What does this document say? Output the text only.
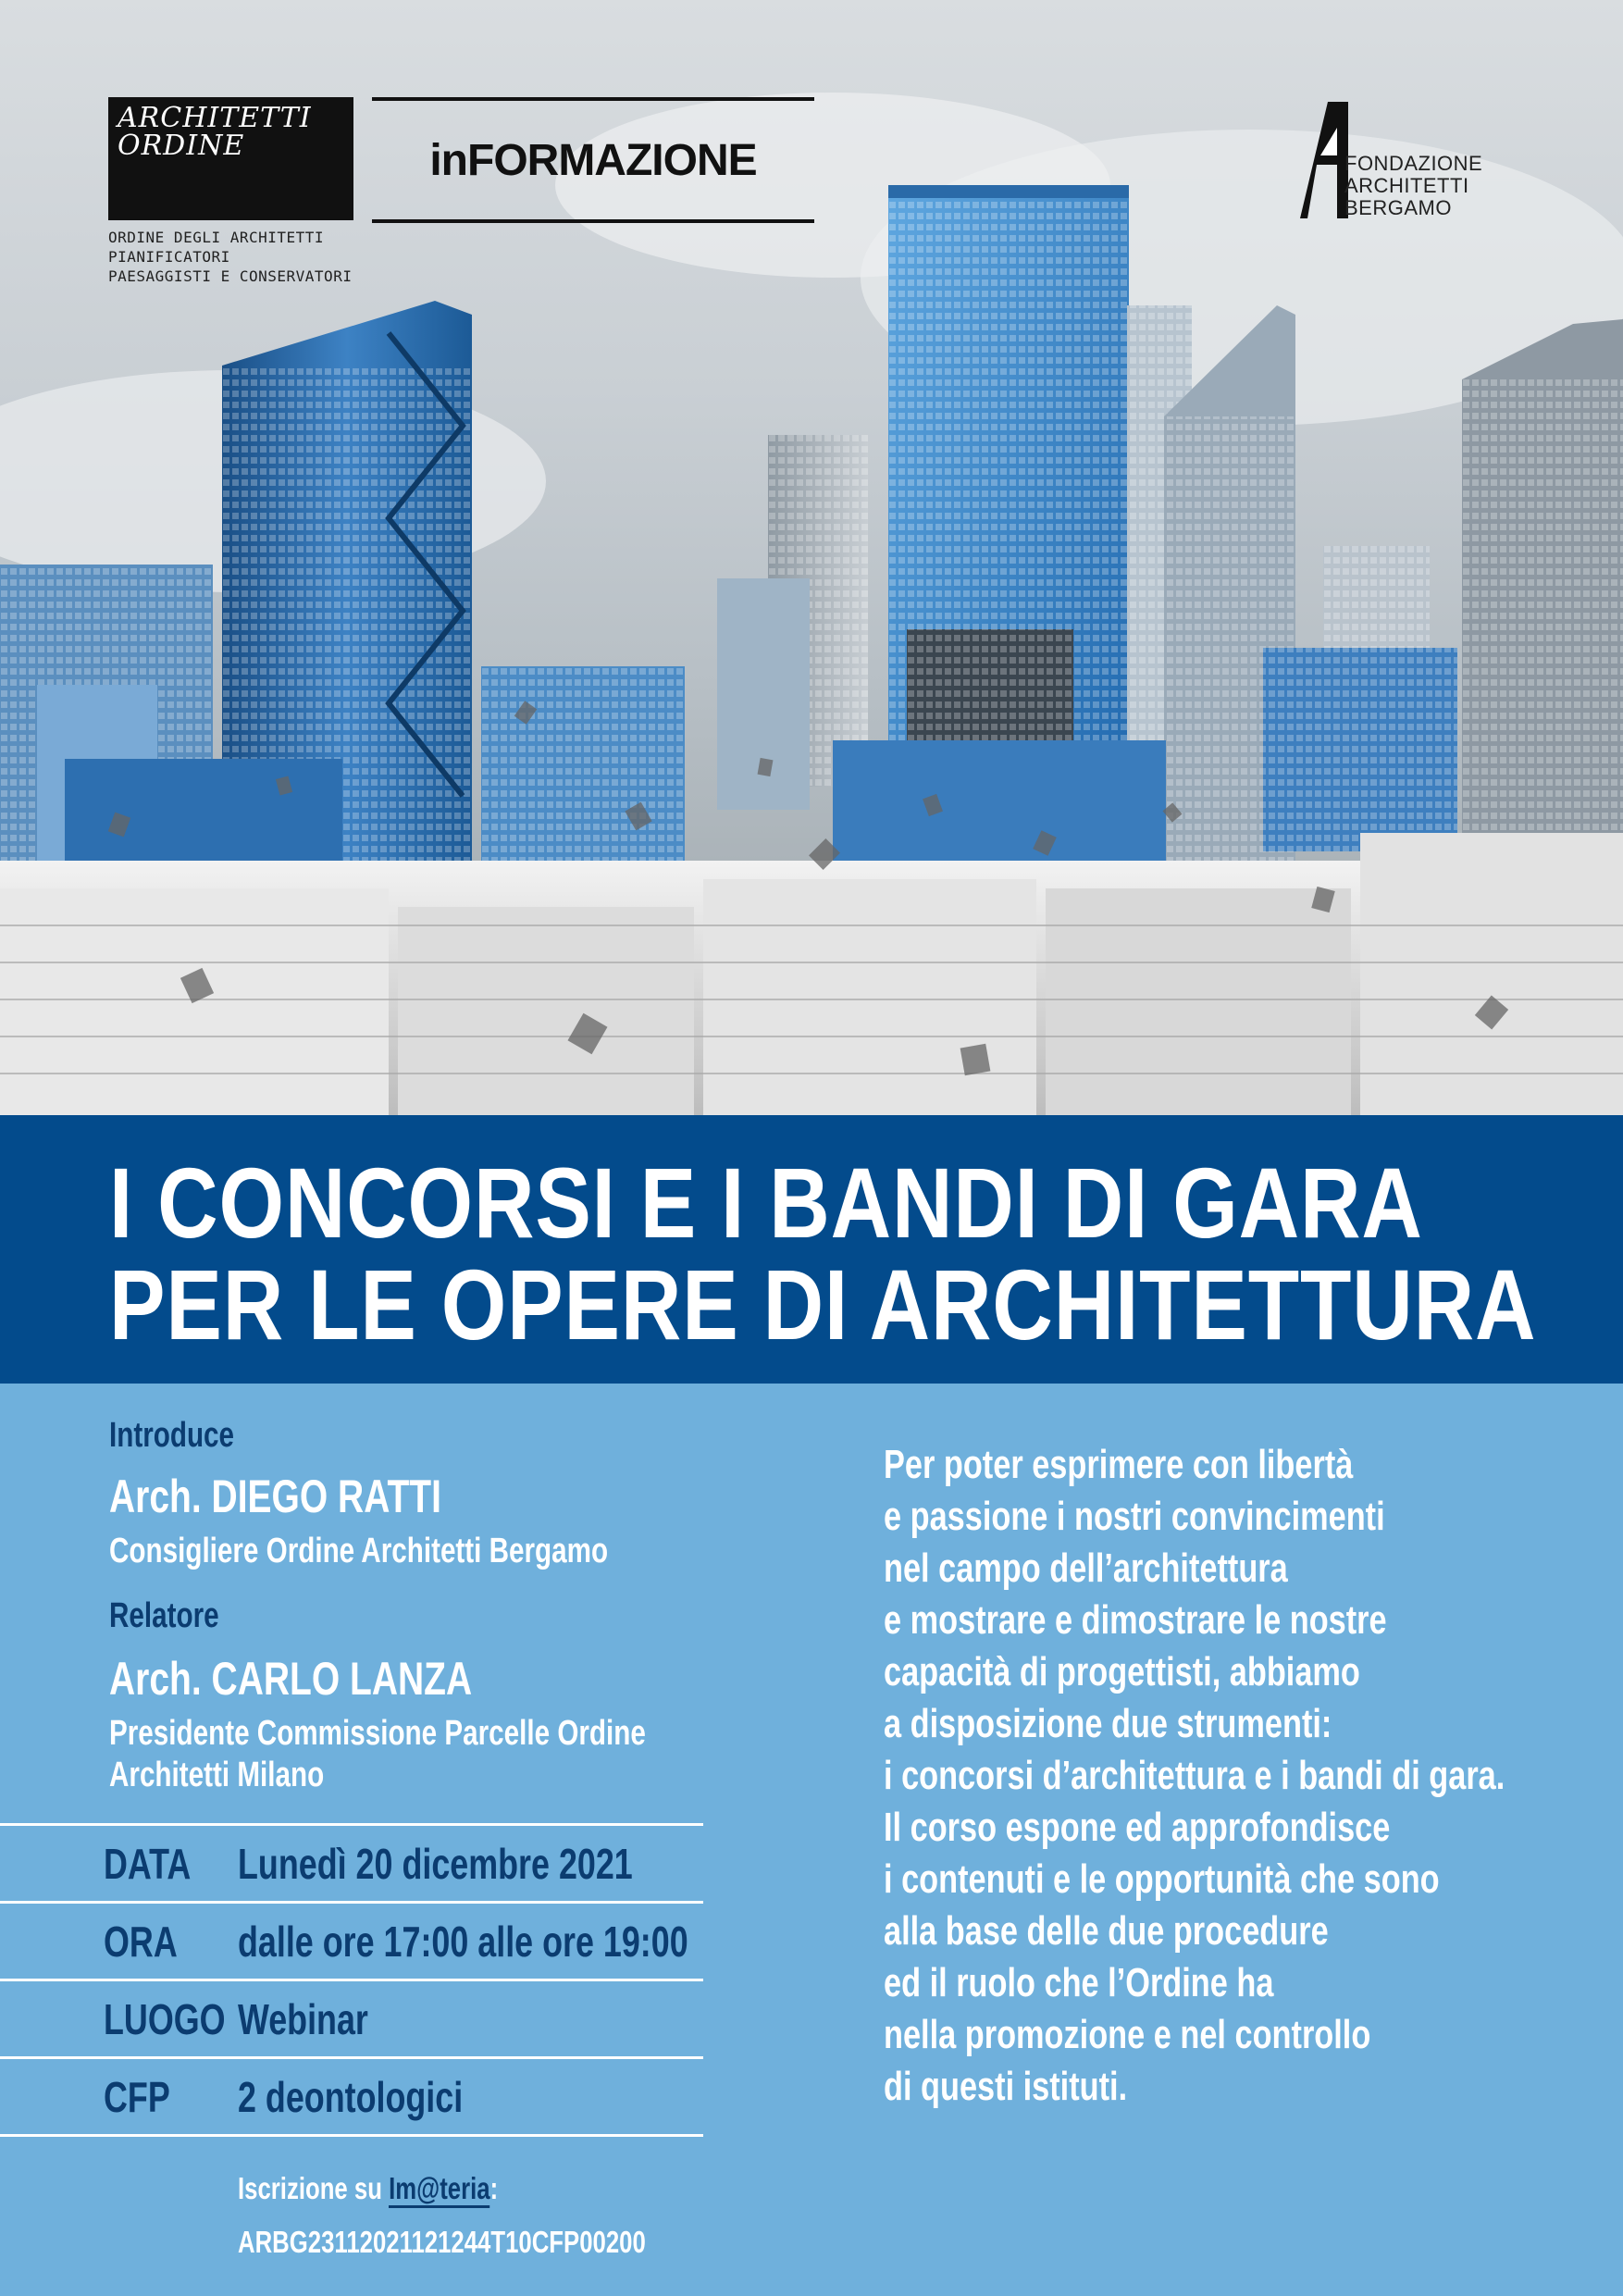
ARCHITETTI ORDINE
ORDINE DEGLI ARCHITETTI
PIANIFICATORI
PAESAGGISTI E CONSERVATORI
inFORMAZIONE	FONDAZIONE
ARCHITETTI
BERGAMO
I CONCORSI E I BANDI DI GARA
PER LE OPERE DI ARCHITETTURA
Introduce
Arch. DIEGO RATTI
Consigliere Ordine Architetti Bergamo
Relatore
Arch. CARLO LANZA
Presidente Commissione Parcelle Ordine
Architetti Milano
DATA Lunedì 20 dicembre 2021
ORA dalle ore 17:00 alle ore 19:00
LUOGO Webinar
CFP 2 deontologici
Iscrizione su Im@teria:
ARBG23112021121244T10CFP00200
Per poter esprimere con libertà
e passione i nostri convincimenti
nel campo dell’architettura
e mostrare e dimostrare le nostre
capacità di progettisti, abbiamo
a disposizione due strumenti:
i concorsi d’architettura e i bandi di gara.
Il corso espone ed approfondisce
i contenuti e le opportunità che sono
alla base delle due procedure
ed il ruolo che l’Ordine ha
nella promozione e nel controllo
di questi istituti.
